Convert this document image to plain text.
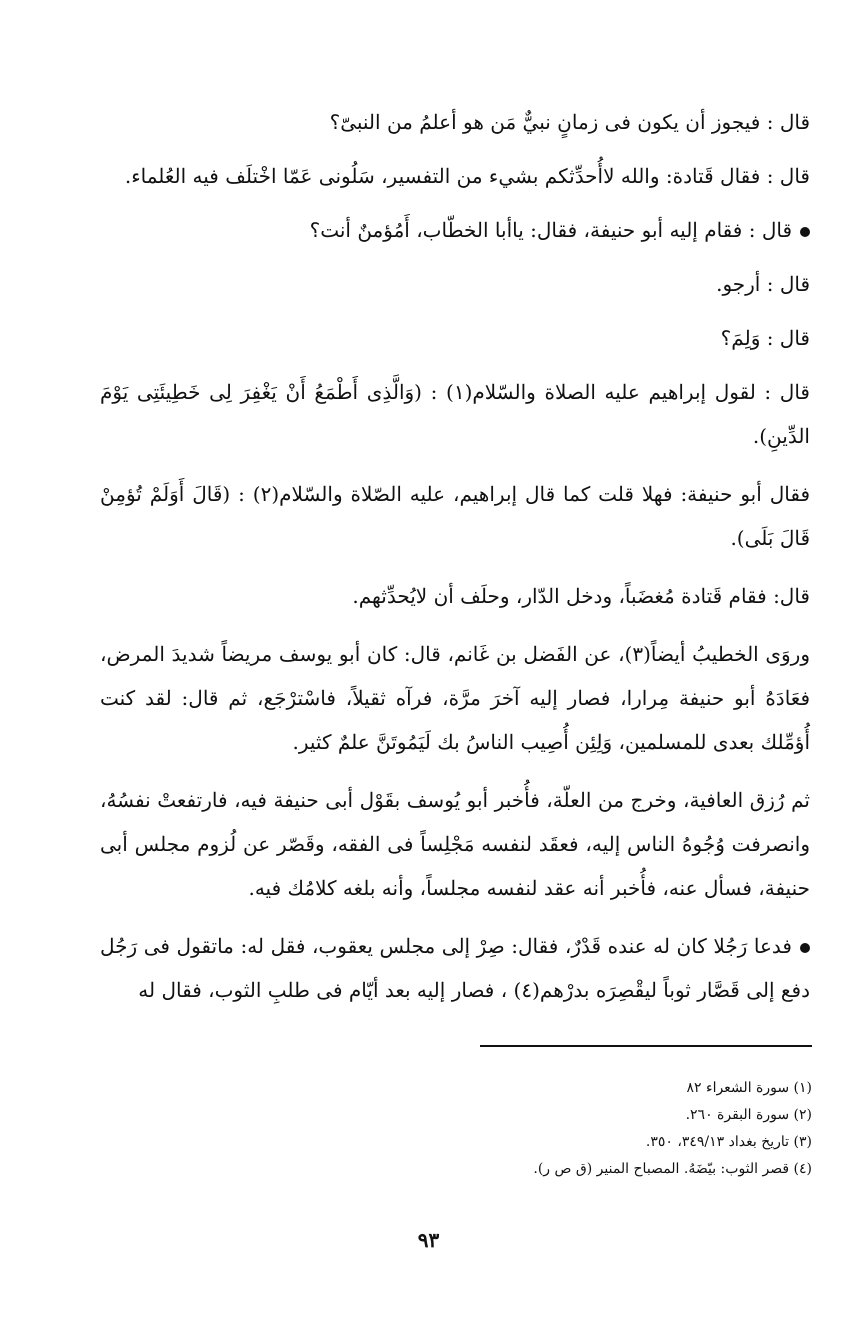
قال : فيجوز أن يكون فى زمانٍ نبيٌّ مَن هو أعلمُ من النبىّ؟

قال : فقال قَتادة: والله لاأُحدِّثكم بشيء من التفسير، سَلُونى عَمّا اخْتلَف فيه العُلماء.

قال : فقام إليه أبو حنيفة، فقال: ياأبا الخطّاب، أَمُؤمنٌ أنت؟

قال : أرجو.

قال : وَلِمَ؟

قال : لقول إبراهيم عليه الصلاة والسّلام(١) : (وَالَّذِى أَطْمَعُ أَنْ يَغْفِرَ لِى خَطِيئَتِى يَوْمَ الدِّينِ).

فقال أبو حنيفة: فهلا قلت كما قال إبراهيم، عليه الصّلاة والسّلام(٢) : (قَالَ أَوَلَمْ تُؤمِنْ قَالَ بَلَى).

قال: فقام قَتادة مُغضَباً، ودخل الدّار، وحلَف أن لايُحدِّثهم.

وروَى الخطيبُ أيضاً(٣)، عن الفَضل بن غَانم، قال: كان أبو يوسف مريضاً شديدَ المرض، فعَادَهُ أبو حنيفة مِرارا، فصار إليه آخرَ مرَّة، فرآه ثقيلاً، فاسْترْجَع، ثم قال: لقد كنت أُؤمِّلك بعدى للمسلمين، وَلِئِن أُصِيب الناسُ بك لَيَمُوتَنَّ علمٌ كثير.

ثم رُزق العافية، وخرج من العلّة، فأُخبر أبو يُوسف بقَوْل أبى حنيفة فيه، فارتفعتْ نفسُهُ، وانصرفت وُجُوهُ الناس إليه، فعقَد لنفسه مَجْلِساً فى الفقه، وقَصّر عن لُزوم مجلس أبى حنيفة، فسأل عنه، فأُخبر أنه عقد لنفسه مجلساً، وأنه بلغه كلامُك فيه.

فدعا رَجُلا كان له عنده قَدْرٌ، فقال: صِرْ إلى مجلس يعقوب، فقل له: ماتقول فى رَجُل دفع إلى قَصَّار ثوباً ليقْصِرَه بدرْهم(٤) ، فصار إليه بعد أيّام فى طلبِ الثوب، فقال له

(١) سورة الشعراء ٨٢

(٢) سورة البقرة ٢٦٠.

(٣) تاريخ بغداد ٣٤٩/١٣، ٣٥٠.

(٤) قصر الثوب: بيّضَهُ. المصباح المنير (ق ص ر).

٩٣
